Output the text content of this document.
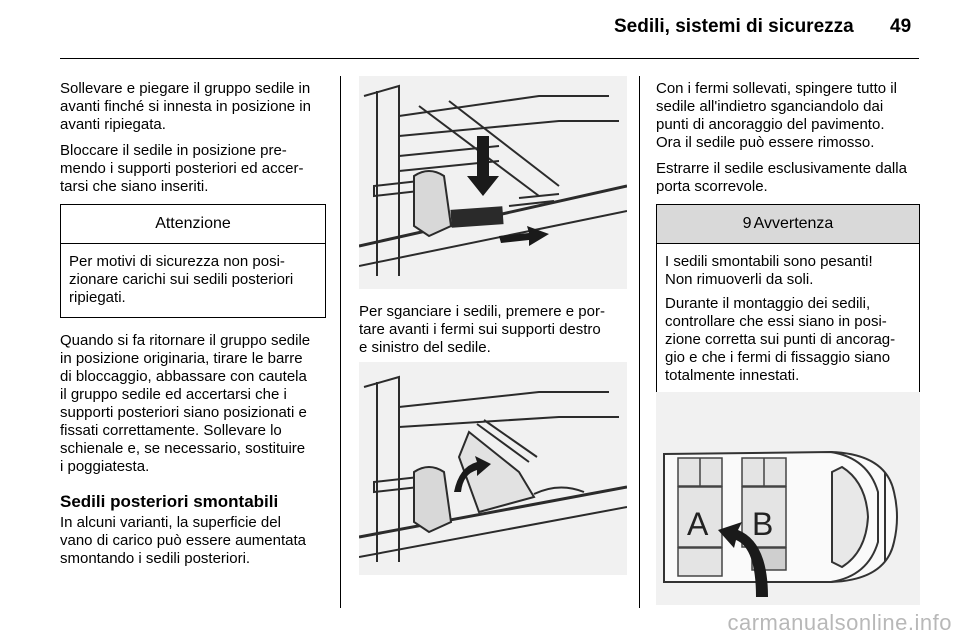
Sedili, sistemi di sicurezza 49

Sollevare e piegare il gruppo sedile in
avanti finché si innesta in posizione in
avanti ripiegata.

Bloccare il sedile in posizione pre-
mendo i supporti posteriori ed accer-
tarsi che siano inseriti.

Attenzione

Per motivi di sicurezza non posi-
zionare carichi sui sedili posteriori
ripiegati.

Quando si fa ritornare il gruppo sedile
in posizione originaria, tirare le barre
di bloccaggio, abbassare con cautela
il gruppo sedile ed accertarsi che i
supporti posteriori siano posizionati e
fissati correttamente. Sollevare lo
schienale e, se necessario, sostituire
i poggiatesta.

Sedili posteriori smontabili

In alcuni varianti, la superficie del
vano di carico può essere aumentata
smontando i sedili posteriori.

Per sganciare i sedili, premere e por-
tare avanti i fermi sui supporti destro
e sinistro del sedile.

Con i fermi sollevati, spingere tutto il
sedile all'indietro sganciandolo dai
punti di ancoraggio del pavimento.
Ora il sedile può essere rimosso.

Estrarre il sedile esclusivamente dalla
porta scorrevole.

9 Avvertenza

I sedili smontabili sono pesanti!
Non rimuoverli da soli.

Durante il montaggio dei sedili,
controllare che essi siano in posi-
zione corretta sui punti di ancorag-
gio e che i fermi di fissaggio siano
totalmente innestati.

A B
carmanualsonline.info
